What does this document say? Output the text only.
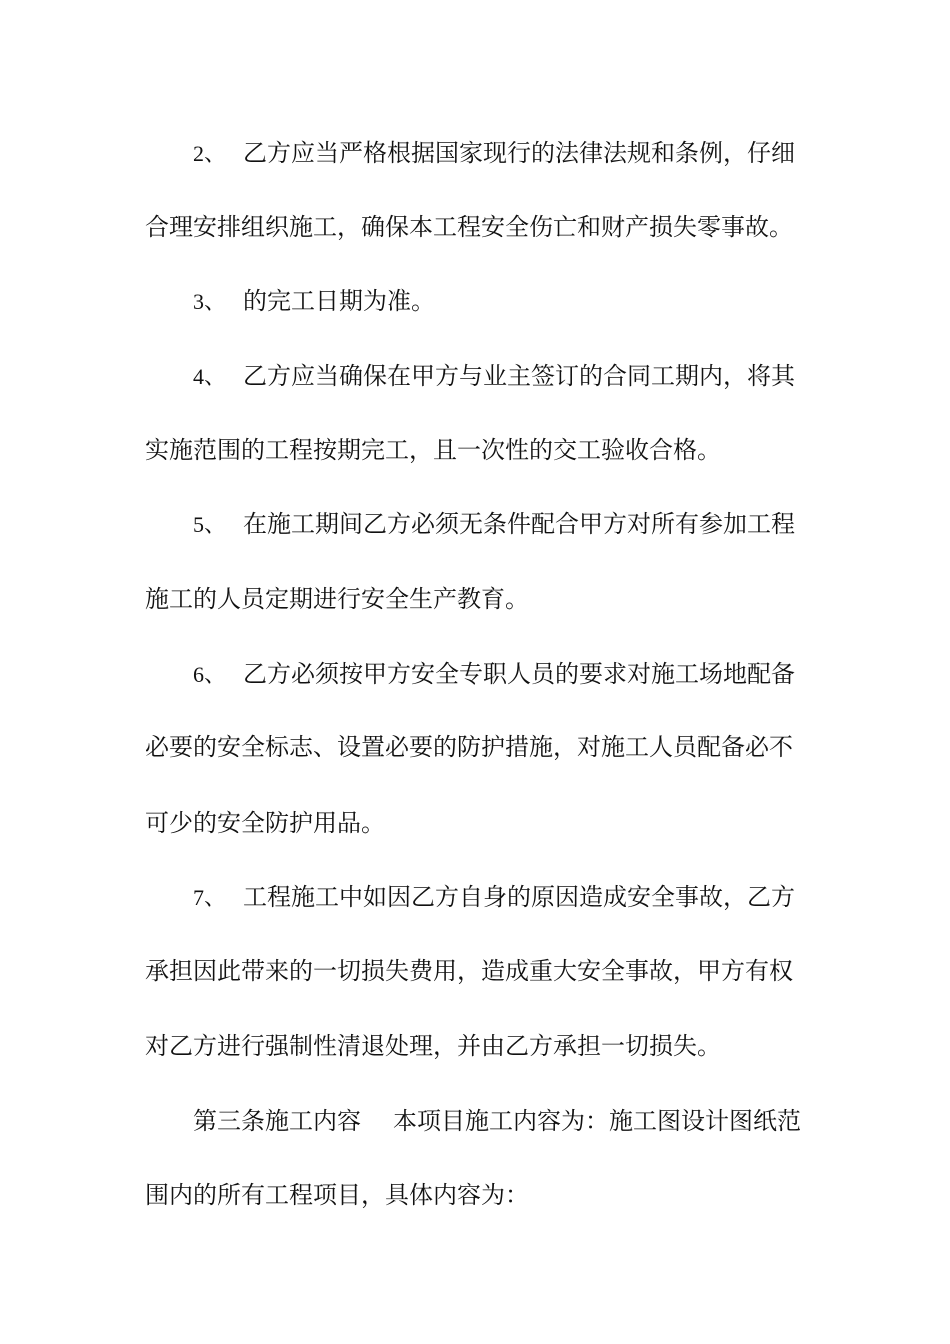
2、 乙方应当严格根据国家现行的法律法规和条例，仔细
合理安排组织施工，确保本工程安全伤亡和财产损失零事故。
3、 的完工日期为准。
4、 乙方应当确保在甲方与业主签订的合同工期内，将其
实施范围的工程按期完工，且一次性的交工验收合格。
5、 在施工期间乙方必须无条件配合甲方对所有参加工程
施工的人员定期进行安全生产教育。
6、 乙方必须按甲方安全专职人员的要求对施工场地配备
必要的安全标志、设置必要的防护措施，对施工人员配备必不
可少的安全防护用品。
7、 工程施工中如因乙方自身的原因造成安全事故，乙方
承担因此带来的一切损失费用，造成重大安全事故，甲方有权
对乙方进行强制性清退处理，并由乙方承担一切损失。
第三条施工内容 本项目施工内容为：施工图设计图纸范
围内的所有工程项目，具体内容为：
